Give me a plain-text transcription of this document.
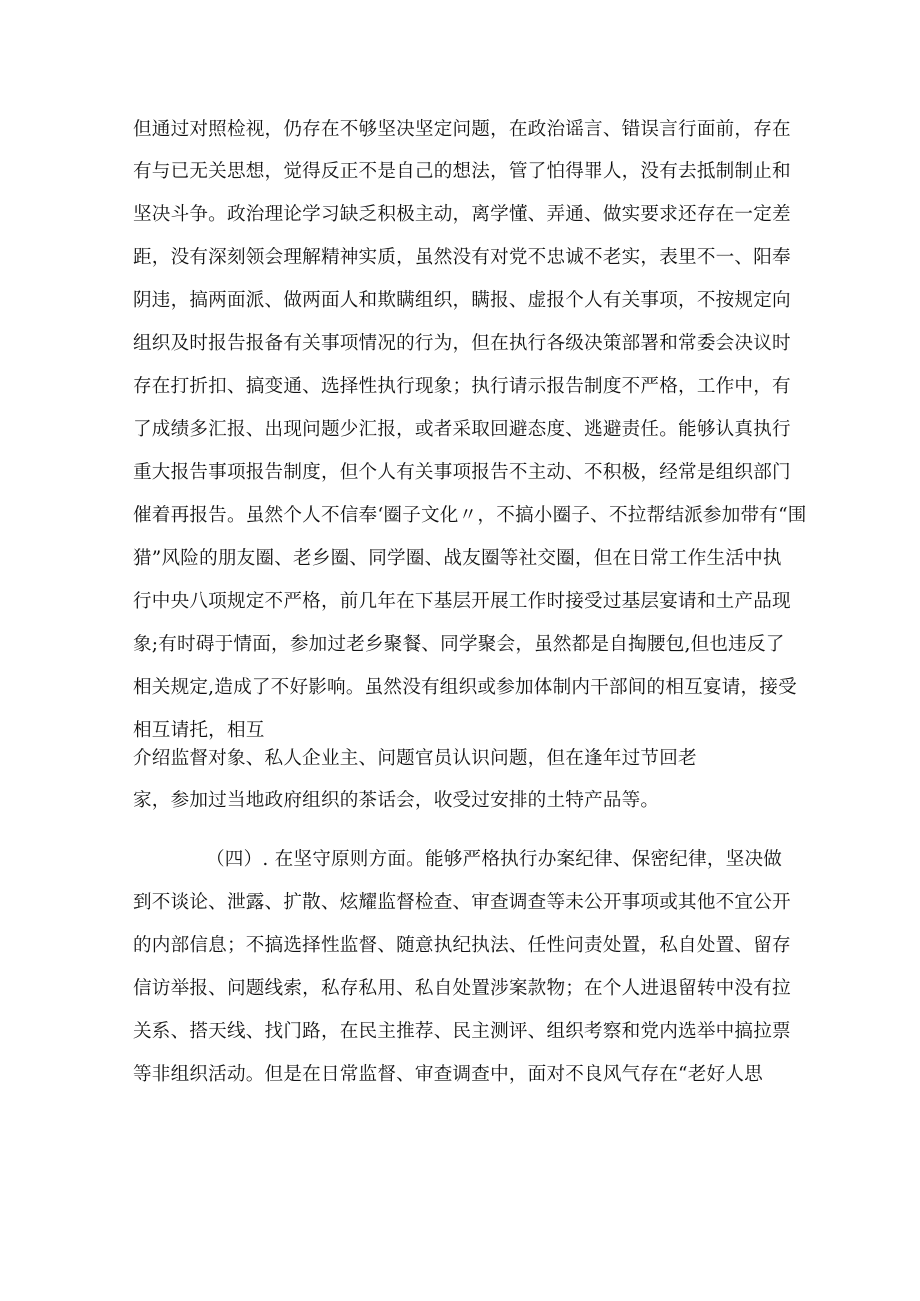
但通过对照检视，仍存在不够坚决坚定问题，在政治谣言、错误言行面前，存在
有与已无关思想，觉得反正不是自己的想法，管了怕得罪人，没有去抵制制止和
坚决斗争。政治理论学习缺乏积极主动，离学懂、弄通、做实要求还存在一定差
距，没有深刻领会理解精神实质，虽然没有对党不忠诚不老实，表里不一、阳奉
阴违，搞两面派、做两面人和欺瞒组织，瞒报、虚报个人有关事项，不按规定向
组织及时报告报备有关事项情况的行为，但在执行各级决策部署和常委会决议时
存在打折扣、搞变通、选择性执行现象；执行请示报告制度不严格，工作中，有
了成绩多汇报、出现问题少汇报，或者采取回避态度、逃避责任。能够认真执行
重大报告事项报告制度，但个人有关事项报告不主动、不积极，经常是组织部门
催着再报告。虽然个人不信奉‘圈子文化〃，不搞小圈子、不拉帮结派参加带有“围
猎”风险的朋友圈、老乡圈、同学圈、战友圈等社交圈，但在日常工作生活中执
行中央八项规定不严格，前几年在下基层开展工作时接受过基层宴请和土产品现
象;有时碍于情面，参加过老乡聚餐、同学聚会，虽然都是自掏腰包,但也违反了
相关规定,造成了不好影响。虽然没有组织或参加体制内干部间的相互宴请，接受
相互请托，相互
介绍监督对象、私人企业主、问题官员认识问题，但在逢年过节回老
家，参加过当地政府组织的茶话会，收受过安排的土特产品等。
（四）. 在坚守原则方面。能够严格执行办案纪律、保密纪律，坚决做
到不谈论、泄露、扩散、炫耀监督检查、审查调查等未公开事项或其他不宜公开
的内部信息；不搞选择性监督、随意执纪执法、任性问责处置，私自处置、留存
信访举报、问题线索，私存私用、私自处置涉案款物；在个人进退留转中没有拉
关系、搭天线、找门路，在民主推荐、民主测评、组织考察和党内选举中搞拉票
等非组织活动。但是在日常监督、审查调查中，面对不良风气存在“老好人思
